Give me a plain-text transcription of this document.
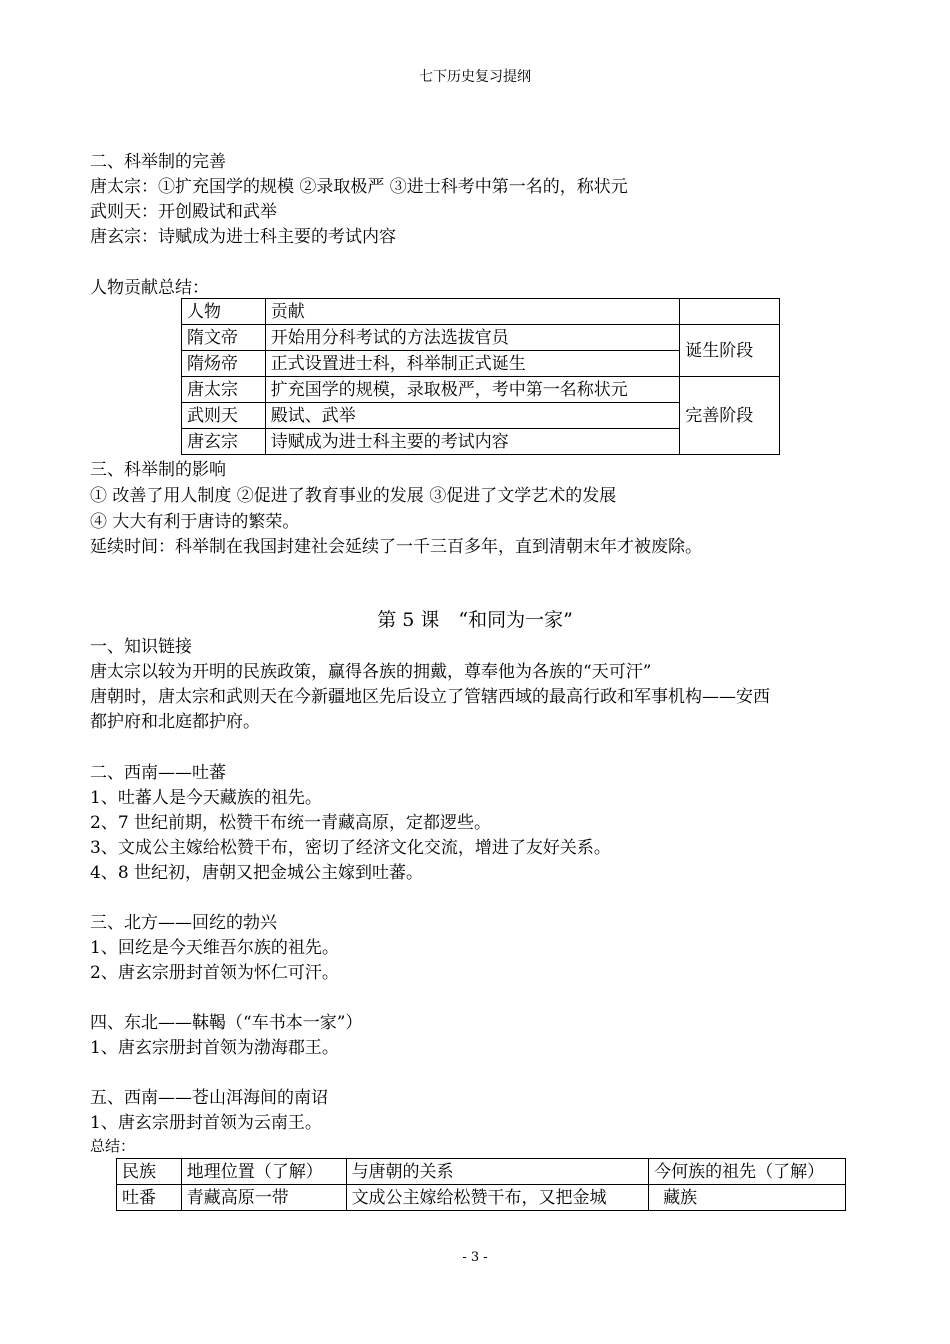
七下历史复习提纲
二、科举制的完善
唐太宗：①扩充国学的规模 ②录取极严 ③进士科考中第一名的，称状元
武则天：开创殿试和武举
唐玄宗：诗赋成为进士科主要的考试内容
人物贡献总结：
人物	贡献	
隋文帝	开始用分科考试的方法选拔官员	诞生阶段
隋炀帝	正式设置进士科，科举制正式诞生	
唐太宗	扩充国学的规模，录取极严，考中第一名称状元	完善阶段
武则天	殿试、武举	
唐玄宗	诗赋成为进士科主要的考试内容	
三、科举制的影响
① 改善了用人制度 ②促进了教育事业的发展 ③促进了文学艺术的发展
④ 大大有利于唐诗的繁荣。
延续时间：科举制在我国封建社会延续了一千三百多年，直到清朝末年才被废除。
第 5 课　“和同为一家”
一、知识链接
唐太宗以较为开明的民族政策，赢得各族的拥戴，尊奉他为各族的“天可汗”
唐朝时，唐太宗和武则天在今新疆地区先后设立了管辖西域的最高行政和军事机构——安西
都护府和北庭都护府。
二、西南——吐蕃
1、吐蕃人是今天藏族的祖先。
2、7 世纪前期，松赞干布统一青藏高原，定都逻些。
3、文成公主嫁给松赞干布，密切了经济文化交流，增进了友好关系。
4、8 世纪初，唐朝又把金城公主嫁到吐蕃。
三、北方——回纥的勃兴
1、回纥是今天维吾尔族的祖先。
2、唐玄宗册封首领为怀仁可汗。
四、东北——靺鞨（“车书本一家”）
1、唐玄宗册封首领为渤海郡王。
五、西南——苍山洱海间的南诏
1、唐玄宗册封首领为云南王。
总结：
民族	地理位置（了解）	与唐朝的关系	今何族的祖先（了解）
吐番	青藏高原一带	文成公主嫁给松赞干布，又把金城	藏族
- 3 -
